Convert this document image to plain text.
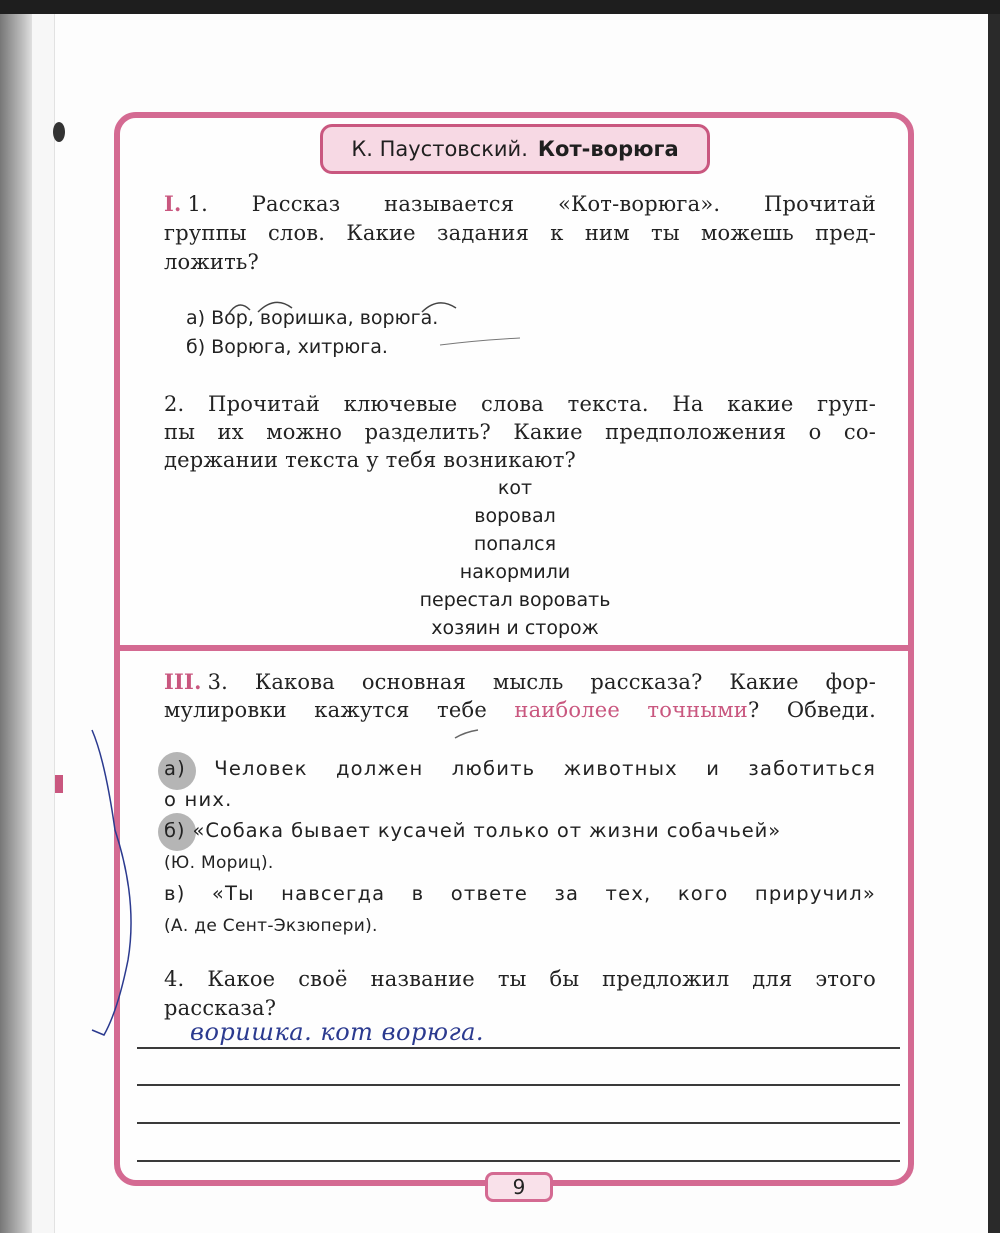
К. Паустовский. Кот-ворюга
I. 1. Рассказ называется «Кот-ворюга». Прочитай
группы слов. Какие задания к ним ты можешь пред-
ложить?
а) Вор, воришка, ворюга.
б) Ворюга, хитрюга.
2. Прочитай ключевые слова текста. На какие груп-
пы их можно разделить? Какие предположения о со-
держании текста у тебя возникают?
кот
воровал
попался
накормили
перестал воровать
хозяин и сторож
III. 3. Какова основная мысль рассказа? Какие фор-
мулировки кажутся тебе наиболее точными? Обведи.
а) Человек должен любить животных и заботиться
о них.
б) «Собака бывает кусачей только от жизни собачьей»
(Ю. Мориц).
в) «Ты навсегда в ответе за тех, кого приручил»
(А. де Сент-Экзюпери).
4. Какое своё название ты бы предложил для этого
рассказа?
воришка. кот ворюга.
9
